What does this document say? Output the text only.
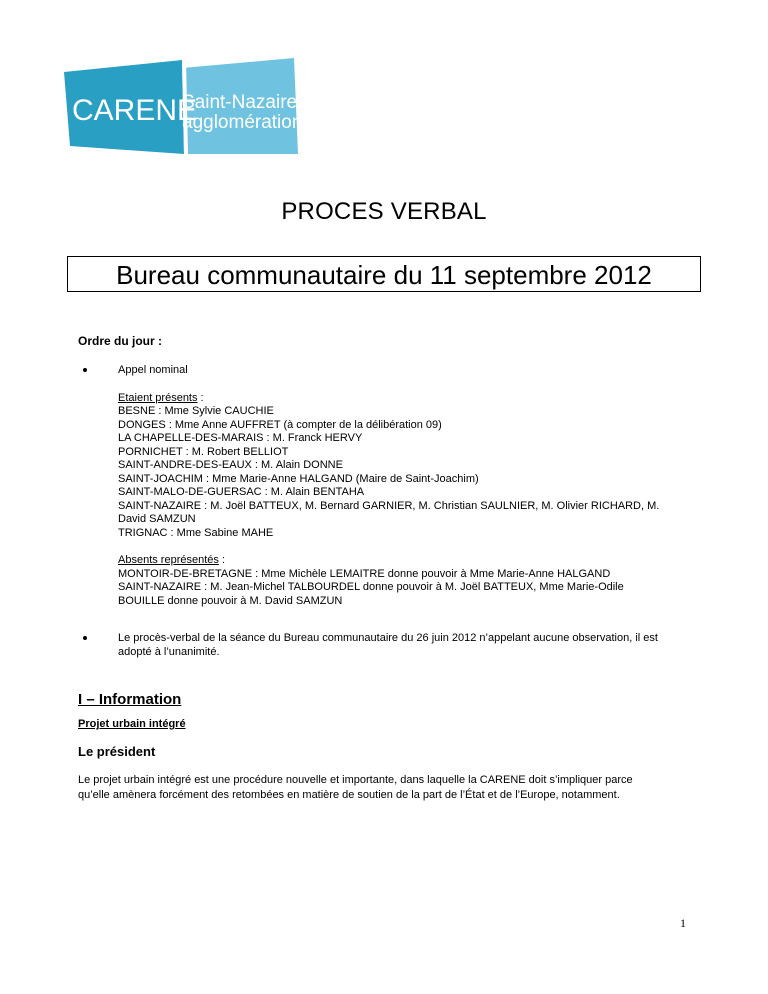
CARENE
Saint-Nazaire
agglomération
PROCES VERBAL
Bureau communautaire du 11 septembre 2012
Ordre du jour :
Appel nominal
Etaient présents :
BESNE : Mme Sylvie CAUCHIE
DONGES : Mme Anne AUFFRET (à compter de la délibération 09)
LA CHAPELLE-DES-MARAIS : M. Franck HERVY
PORNICHET : M. Robert BELLIOT
SAINT-ANDRE-DES-EAUX : M. Alain DONNE
SAINT-JOACHIM : Mme Marie-Anne HALGAND (Maire de Saint-Joachim)
SAINT-MALO-DE-GUERSAC : M. Alain BENTAHA
SAINT-NAZAIRE : M. Joël BATTEUX, M. Bernard GARNIER, M. Christian SAULNIER, M. Olivier RICHARD, M.
David SAMZUN
TRIGNAC : Mme Sabine MAHE
Absents représentés :
MONTOIR-DE-BRETAGNE : Mme Michèle LEMAITRE donne pouvoir à Mme Marie-Anne HALGAND
SAINT-NAZAIRE : M. Jean-Michel TALBOURDEL donne pouvoir à M. Joël BATTEUX, Mme Marie-Odile
BOUILLE donne pouvoir à M. David SAMZUN
Le procès-verbal de la séance du Bureau communautaire du 26 juin 2012 n’appelant aucune observation, il est
adopté à l’unanimité.
I – Information
Projet urbain intégré
Le président
Le projet urbain intégré est une procédure nouvelle et importante, dans laquelle la CARENE doit s’impliquer parce
qu’elle amènera forcément des retombées en matière de soutien de la part de l’État et de l’Europe, notamment.
1
